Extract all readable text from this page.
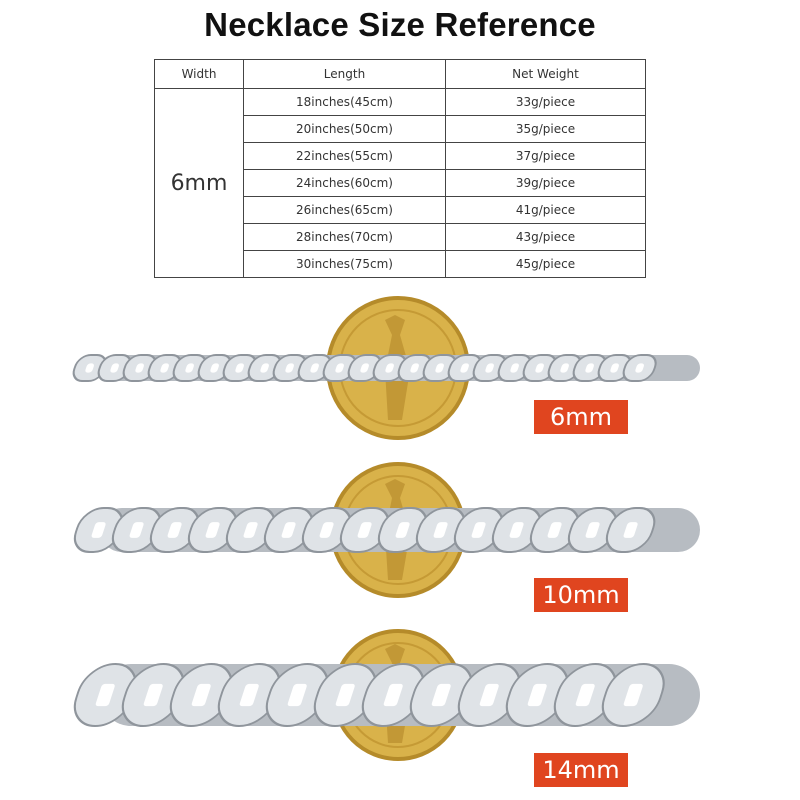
Necklace Size Reference
Width	Length	Net Weight
6mm	18inches(45cm)	33g/piece
	20inches(50cm)	35g/piece
	22inches(55cm)	37g/piece
	24inches(60cm)	39g/piece
	26inches(65cm)	41g/piece
	28inches(70cm)	43g/piece
	30inches(75cm)	45g/piece
6mm
10mm
14mm
